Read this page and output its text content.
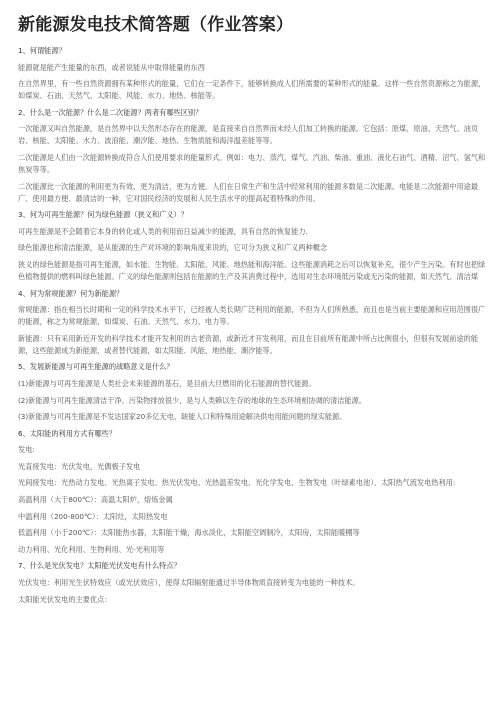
新能源发电技术简答题（作业答案）
1、何谓能源？
能源就是能产生能量的东西，或者说能从中取得能量的东西
在自然界里，有一些自然资源拥有某种形式的能量，它们在一定条件下，能够转换成人们所需要的某种形式的能量。这样一些自然资源称之为能源，如煤炭、石油、天然气、太阳能、风能、水力、地热、核能等。
2、什么是一次能源？什么是二次能源？两者有哪些区别？
一次能源又叫自然能源，是自然界中以天然形态存在的能源，是直接来自自然界而未经人们加工转换的能源。它包括：原煤、原油、天然气、油页岩、核能、太阳能、水力、波浪能、潮汐能、地热、生物质能和海洋温差能等等。
二次能源是人们由一次能源转换成符合人们使用要求的能量形式。例如：电力、蒸汽、煤气、汽油、柴油、重油、液化石油气、酒精、沼气、氢气和焦炭等等。
二次能源比一次能源的利用更为有效，更为清洁，更为方便。人们在日常生产和生活中经常利用的能源多数是二次能源。电能是二次能源中用途最广、使用最方便、最清洁的一种，它对国民经济的发展和人民生活水平的提高起着特殊的作用。
3、何为可再生能源？何为绿色能源（狭义和广义）？
可再生能源是不会随着它本身的转化或人类的利用而日益减少的能源，具有自然的恢复能力.
绿色能源也称清洁能源，是从能源的生产对环境的影响角度来说的，它可分为狭义和广义两种概念
狭义的绿色能源是指可再生能源，如水能、生物能、太阳能、风能、地热能和海洋能。这些能源消耗之后可以恢复补充，很少产生污染。有时也把绿色植物提供的燃料叫绿色能源。广义的绿色能源则包括在能源的生产及其消费过程中，选用对生态环境低污染或无污染的能源，如天然气、清洁煤
4、何为常规能源？何为新能源？
常规能源：指在相当长时期和一定的科学技术水平下，已经被人类长期广泛利用的能源，不但为人们所熟悉，而且也是当前主要能源和应用范围很广的能源，称之为常规能源，如煤炭、石油、天然气、水力、电力等。
新能源：只有采用新近开发的科学技术才能开发利用的古老资源，或新近才开发利用，而且在目前所有能源中所占比例很小，但很有发展前途的能源，这些能源成为新能源，或者替代能源，如太阳能、风能、地热能、潮汐能等。
5、发展新能源与可再生能源的战略意义是什么？
(1)新能源与可再生能源是人类社会未来能源的基石，是目前大旦燃用的化石能源的替代能源。
(2)新能源与可再生能源清洁干净、污染物排放很少，是与人类赖以生存的地球的生态环境相协调的清洁能源。
(3)新能源与可再生能源是不发达国家20多亿无电、缺能人口和特殊用途解决供电用能问题的现实能源。
6、太阳能的利用方式有哪些？
发电:
光直接发电：光伏发电，光偶极子发电
光间接发电：光热动力发电、光热离子发电、热光伏发电、光热温差发电、光化学发电、生物发电（叶绿素电池）、太阳热气流发电热利用:
高温利用（大于800℃）：高温太阳炉，熔炼金属
中温利用（200-800℃）：太阳灶，太阳热发电
低温利用（小于200℃）：太阳能热水器，太阳能干燥，海水淡化，太阳能空调制冷，太阳房，太阳能暖棚等
动力利用、光化利用、生物利用、光-光利用等
7、什么是光伏发电？太阳能光伏发电有什么特点？
光伏发电：利用光生伏特效应（或光伏效应），使得太阳辐射能通过半导体物质直接转变为电能的一种技术。
太阳能光伏发电的主要优点：
